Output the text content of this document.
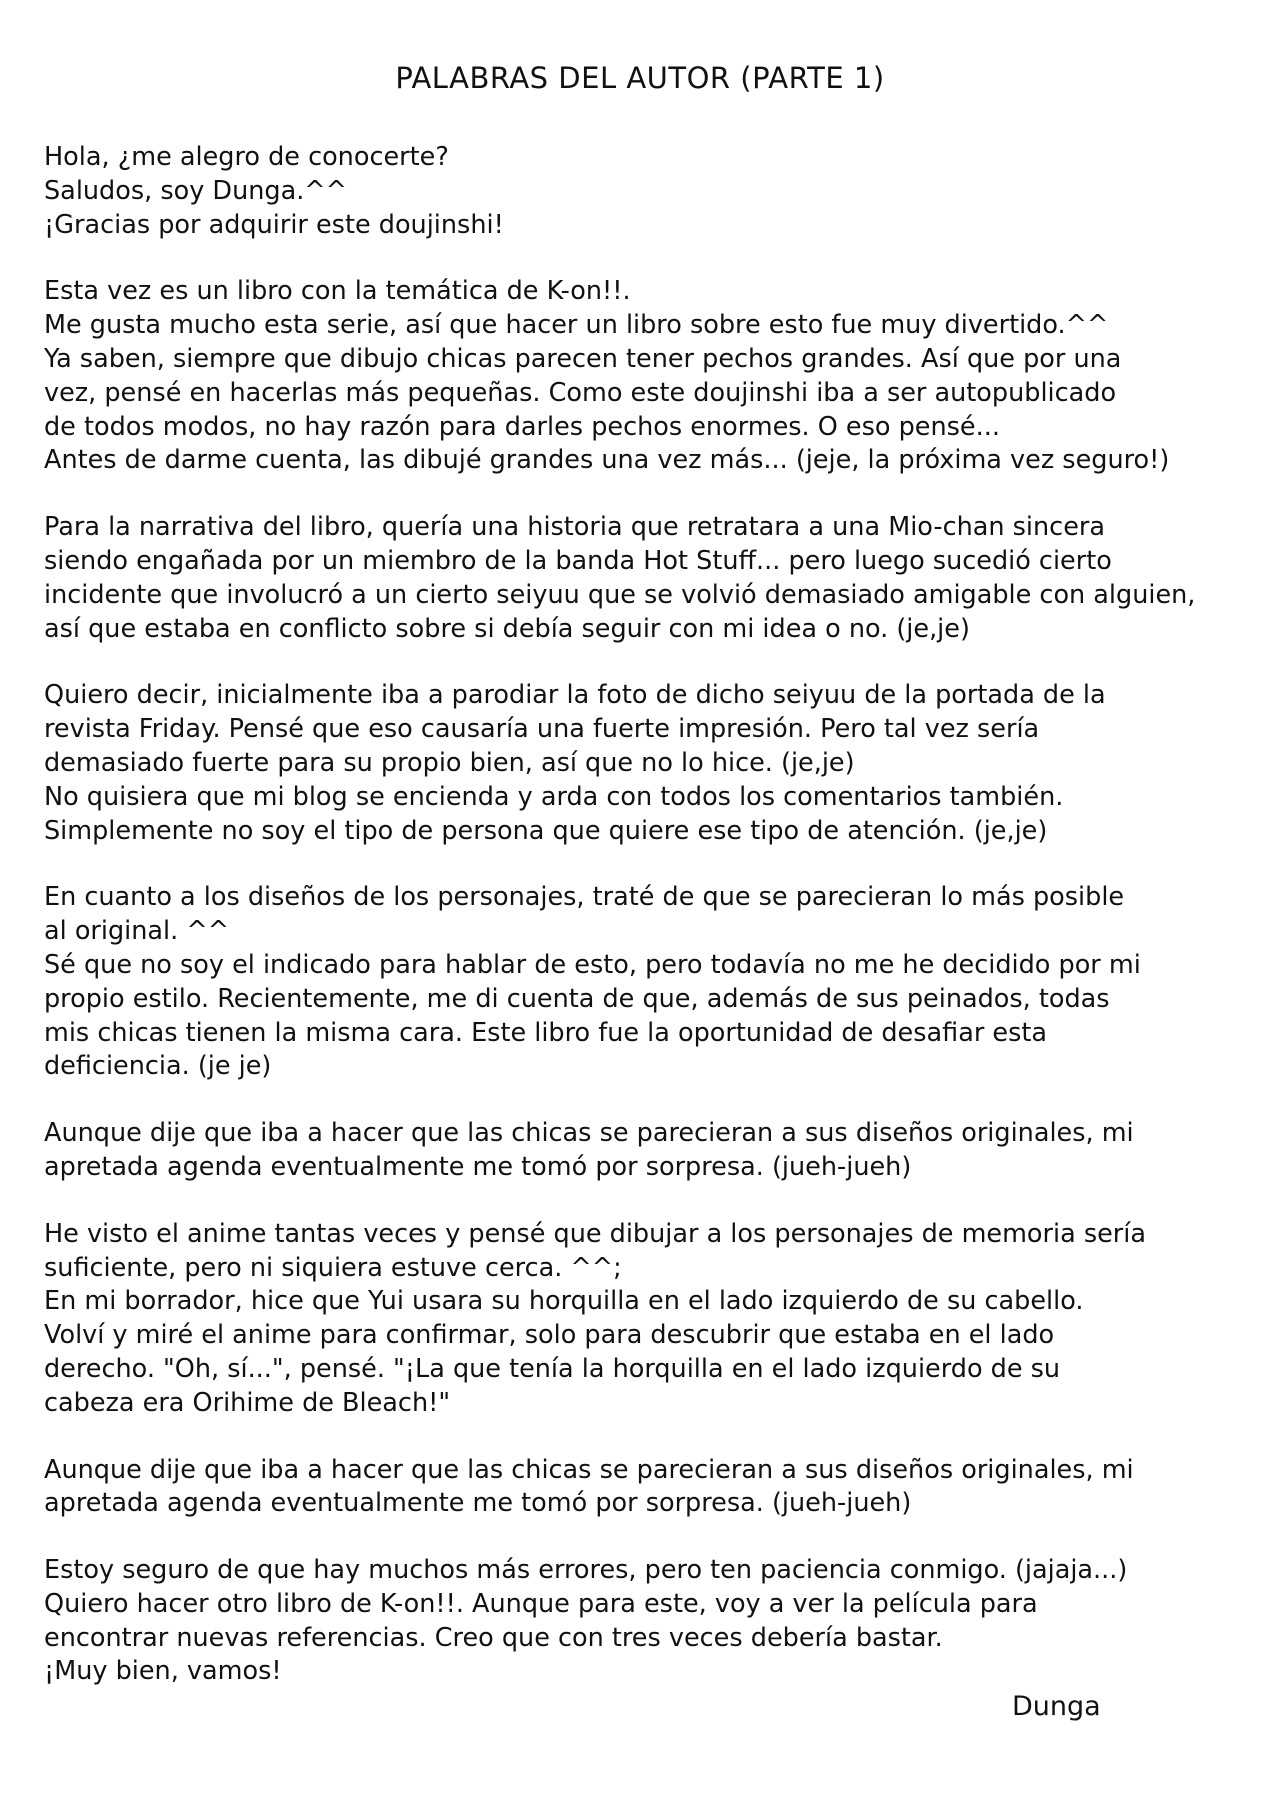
PALABRAS DEL AUTOR (PARTE 1)

Hola, ¿me alegro de conocerte?
Saludos, soy Dunga.^^
¡Gracias por adquirir este doujinshi!

Esta vez es un libro con la temática de K-on!!.
Me gusta mucho esta serie, así que hacer un libro sobre esto fue muy divertido.^^
Ya saben, siempre que dibujo chicas parecen tener pechos grandes. Así que por una
vez, pensé en hacerlas más pequeñas. Como este doujinshi iba a ser autopublicado
de todos modos, no hay razón para darles pechos enormes. O eso pensé...
Antes de darme cuenta, las dibujé grandes una vez más... (jeje, la próxima vez seguro!)

Para la narrativa del libro, quería una historia que retratara a una Mio-chan sincera
siendo engañada por un miembro de la banda Hot Stuff... pero luego sucedió cierto
incidente que involucró a un cierto seiyuu que se volvió demasiado amigable con alguien,
así que estaba en conflicto sobre si debía seguir con mi idea o no. (je,je)

Quiero decir, inicialmente iba a parodiar la foto de dicho seiyuu de la portada de la
revista Friday. Pensé que eso causaría una fuerte impresión. Pero tal vez sería
demasiado fuerte para su propio bien, así que no lo hice. (je,je)
No quisiera que mi blog se encienda y arda con todos los comentarios también.
Simplemente no soy el tipo de persona que quiere ese tipo de atención. (je,je)

En cuanto a los diseños de los personajes, traté de que se parecieran lo más posible
al original. ^^
Sé que no soy el indicado para hablar de esto, pero todavía no me he decidido por mi
propio estilo. Recientemente, me di cuenta de que, además de sus peinados, todas
mis chicas tienen la misma cara. Este libro fue la oportunidad de desafiar esta
deficiencia. (je je)

Aunque dije que iba a hacer que las chicas se parecieran a sus diseños originales, mi
apretada agenda eventualmente me tomó por sorpresa. (jueh-jueh)

He visto el anime tantas veces y pensé que dibujar a los personajes de memoria sería
suficiente, pero ni siquiera estuve cerca. ^^;
En mi borrador, hice que Yui usara su horquilla en el lado izquierdo de su cabello.
Volví y miré el anime para confirmar, solo para descubrir que estaba en el lado
derecho. "Oh, sí...", pensé. "¡La que tenía la horquilla en el lado izquierdo de su
cabeza era Orihime de Bleach!"

Aunque dije que iba a hacer que las chicas se parecieran a sus diseños originales, mi
apretada agenda eventualmente me tomó por sorpresa. (jueh-jueh)

Estoy seguro de que hay muchos más errores, pero ten paciencia conmigo. (jajaja...)
Quiero hacer otro libro de K-on!!. Aunque para este, voy a ver la película para
encontrar nuevas referencias. Creo que con tres veces debería bastar.
¡Muy bien, vamos!

Dunga
